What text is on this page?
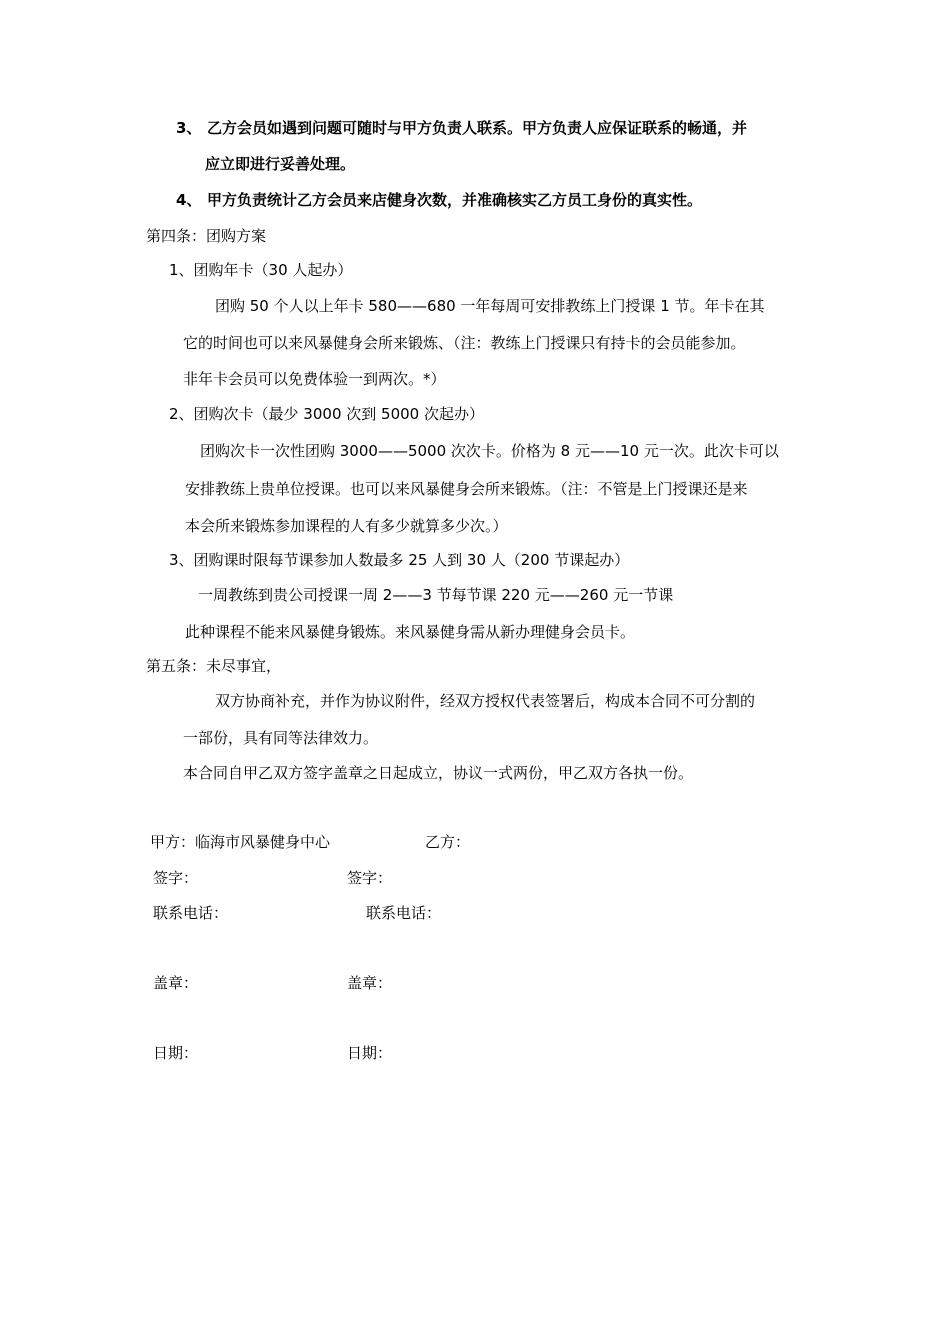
3、 乙方会员如遇到问题可随时与甲方负责人联系。甲方负责人应保证联系的畅通，并
应立即进行妥善处理。
4、 甲方负责统计乙方会员来店健身次数，并准确核实乙方员工身份的真实性。
第四条：团购方案
1、团购年卡（30 人起办）
团购 50 个人以上年卡 580——680 一年每周可安排教练上门授课 1 节。年卡在其
它的时间也可以来风暴健身会所来锻炼、（注：教练上门授课只有持卡的会员能参加。
非年卡会员可以免费体验一到两次。*）
2、团购次卡（最少 3000 次到 5000 次起办）
团购次卡一次性团购 3000——5000 次次卡。价格为 8 元——10 元一次。此次卡可以
安排教练上贵单位授课。也可以来风暴健身会所来锻炼。（注：不管是上门授课还是来
本会所来锻炼参加课程的人有多少就算多少次。）
3、团购课时限每节课参加人数最多 25 人到 30 人（200 节课起办）
一周教练到贵公司授课一周 2——3 节每节课 220 元——260 元一节课
此种课程不能来风暴健身锻炼。来风暴健身需从新办理健身会员卡。
第五条：未尽事宜，
双方协商补充，并作为协议附件，经双方授权代表签署后，构成本合同不可分割的
一部份，具有同等法律效力。
本合同自甲乙双方签字盖章之日起成立，协议一式两份，甲乙双方各执一份。
甲方：临海市风暴健身中心	乙方：
签字：	签字：
联系电话：	联系电话：
盖章：	盖章：
日期：	日期：
